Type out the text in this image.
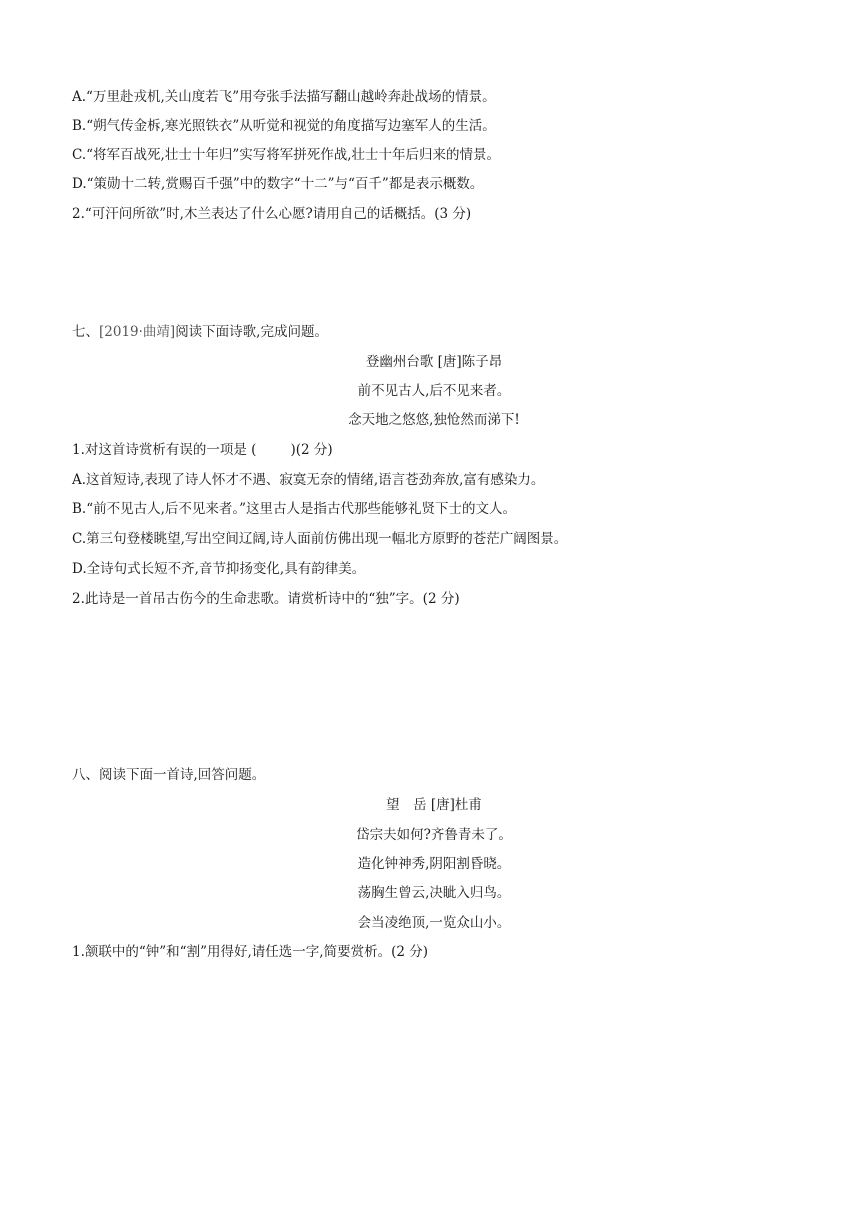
A.“万里赴戎机,关山度若飞”用夸张手法描写翻山越岭奔赴战场的情景。
B.“朔气传金柝,寒光照铁衣”从听觉和视觉的角度描写边塞军人的生活。
C.“将军百战死,壮士十年归”实写将军拼死作战,壮士十年后归来的情景。
D.“策勋十二转,赏赐百千强”中的数字“十二”与“百千”都是表示概数。
2.“可汗问所欲”时,木兰表达了什么心愿?请用自己的话概括。(3 分)
七、[2019·曲靖]阅读下面诗歌,完成问题。
登幽州台歌 [唐]陈子昂
前不见古人,后不见来者。
念天地之悠悠,独怆然而涕下!
1.对这首诗赏析有误的一项是 (	)(2 分)
A.这首短诗,表现了诗人怀才不遇、寂寞无奈的情绪,语言苍劲奔放,富有感染力。
B.“前不见古人,后不见来者。”这里古人是指古代那些能够礼贤下士的文人。
C.第三句登楼眺望,写出空间辽阔,诗人面前仿佛出现一幅北方原野的苍茫广阔图景。
D.全诗句式长短不齐,音节抑扬变化,具有韵律美。
2.此诗是一首吊古伤今的生命悲歌。请赏析诗中的“独”字。(2 分)
八、阅读下面一首诗,回答问题。
望　岳 [唐]杜甫
岱宗夫如何?齐鲁青未了。
造化钟神秀,阴阳割昏晓。
荡胸生曾云,决眦入归鸟。
会当凌绝顶,一览众山小。
1.颔联中的“钟”和“割”用得好,请任选一字,简要赏析。(2 分)
